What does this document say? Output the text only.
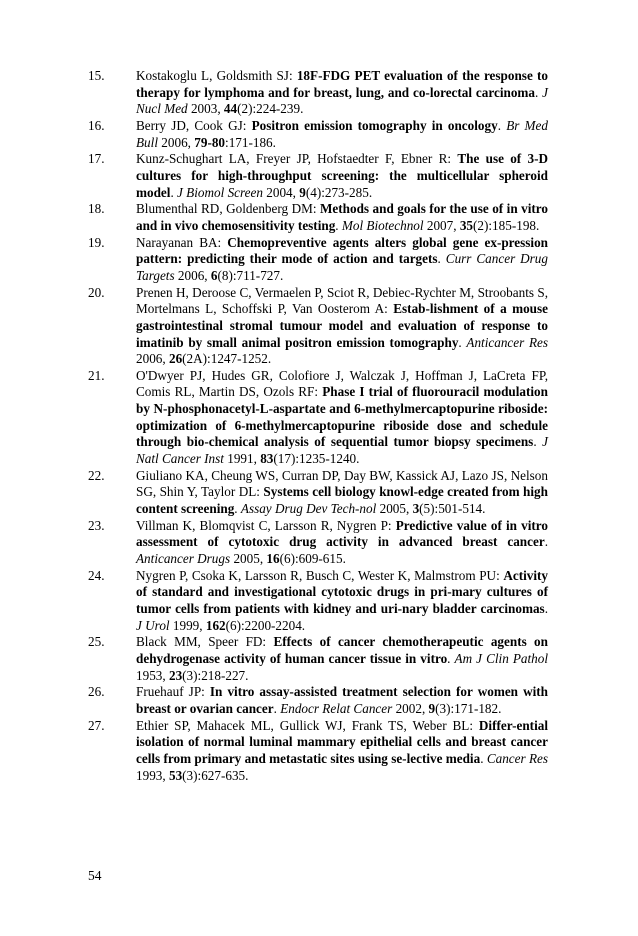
15. Kostakoglu L, Goldsmith SJ: 18F-FDG PET evaluation of the response to therapy for lymphoma and for breast, lung, and co-lorectal carcinoma. J Nucl Med 2003, 44(2):224-239.
16. Berry JD, Cook GJ: Positron emission tomography in oncology. Br Med Bull 2006, 79-80:171-186.
17. Kunz-Schughart LA, Freyer JP, Hofstaedter F, Ebner R: The use of 3-D cultures for high-throughput screening: the multicellular spheroid model. J Biomol Screen 2004, 9(4):273-285.
18. Blumenthal RD, Goldenberg DM: Methods and goals for the use of in vitro and in vivo chemosensitivity testing. Mol Biotechnol 2007, 35(2):185-198.
19. Narayanan BA: Chemopreventive agents alters global gene ex-pression pattern: predicting their mode of action and targets. Curr Cancer Drug Targets 2006, 6(8):711-727.
20. Prenen H, Deroose C, Vermaelen P, Sciot R, Debiec-Rychter M, Stroobants S, Mortelmans L, Schoffski P, Van Oosterom A: Estab-lishment of a mouse gastrointestinal stromal tumour model and evaluation of response to imatinib by small animal positron emission tomography. Anticancer Res 2006, 26(2A):1247-1252.
21. O'Dwyer PJ, Hudes GR, Colofiore J, Walczak J, Hoffman J, LaCreta FP, Comis RL, Martin DS, Ozols RF: Phase I trial of fluorouracil modulation by N-phosphonacetyl-L-aspartate and 6-methylmercaptopurine riboside: optimization of 6-methylmercaptopurine riboside dose and schedule through bio-chemical analysis of sequential tumor biopsy specimens. J Natl Cancer Inst 1991, 83(17):1235-1240.
22. Giuliano KA, Cheung WS, Curran DP, Day BW, Kassick AJ, Lazo JS, Nelson SG, Shin Y, Taylor DL: Systems cell biology knowl-edge created from high content screening. Assay Drug Dev Tech-nol 2005, 3(5):501-514.
23. Villman K, Blomqvist C, Larsson R, Nygren P: Predictive value of in vitro assessment of cytotoxic drug activity in advanced breast cancer. Anticancer Drugs 2005, 16(6):609-615.
24. Nygren P, Csoka K, Larsson R, Busch C, Wester K, Malmstrom PU: Activity of standard and investigational cytotoxic drugs in pri-mary cultures of tumor cells from patients with kidney and uri-nary bladder carcinomas. J Urol 1999, 162(6):2200-2204.
25. Black MM, Speer FD: Effects of cancer chemotherapeutic agents on dehydrogenase activity of human cancer tissue in vitro. Am J Clin Pathol 1953, 23(3):218-227.
26. Fruehauf JP: In vitro assay-assisted treatment selection for women with breast or ovarian cancer. Endocr Relat Cancer 2002, 9(3):171-182.
27. Ethier SP, Mahacek ML, Gullick WJ, Frank TS, Weber BL: Differ-ential isolation of normal luminal mammary epithelial cells and breast cancer cells from primary and metastatic sites using se-lective media. Cancer Res 1993, 53(3):627-635.
54
